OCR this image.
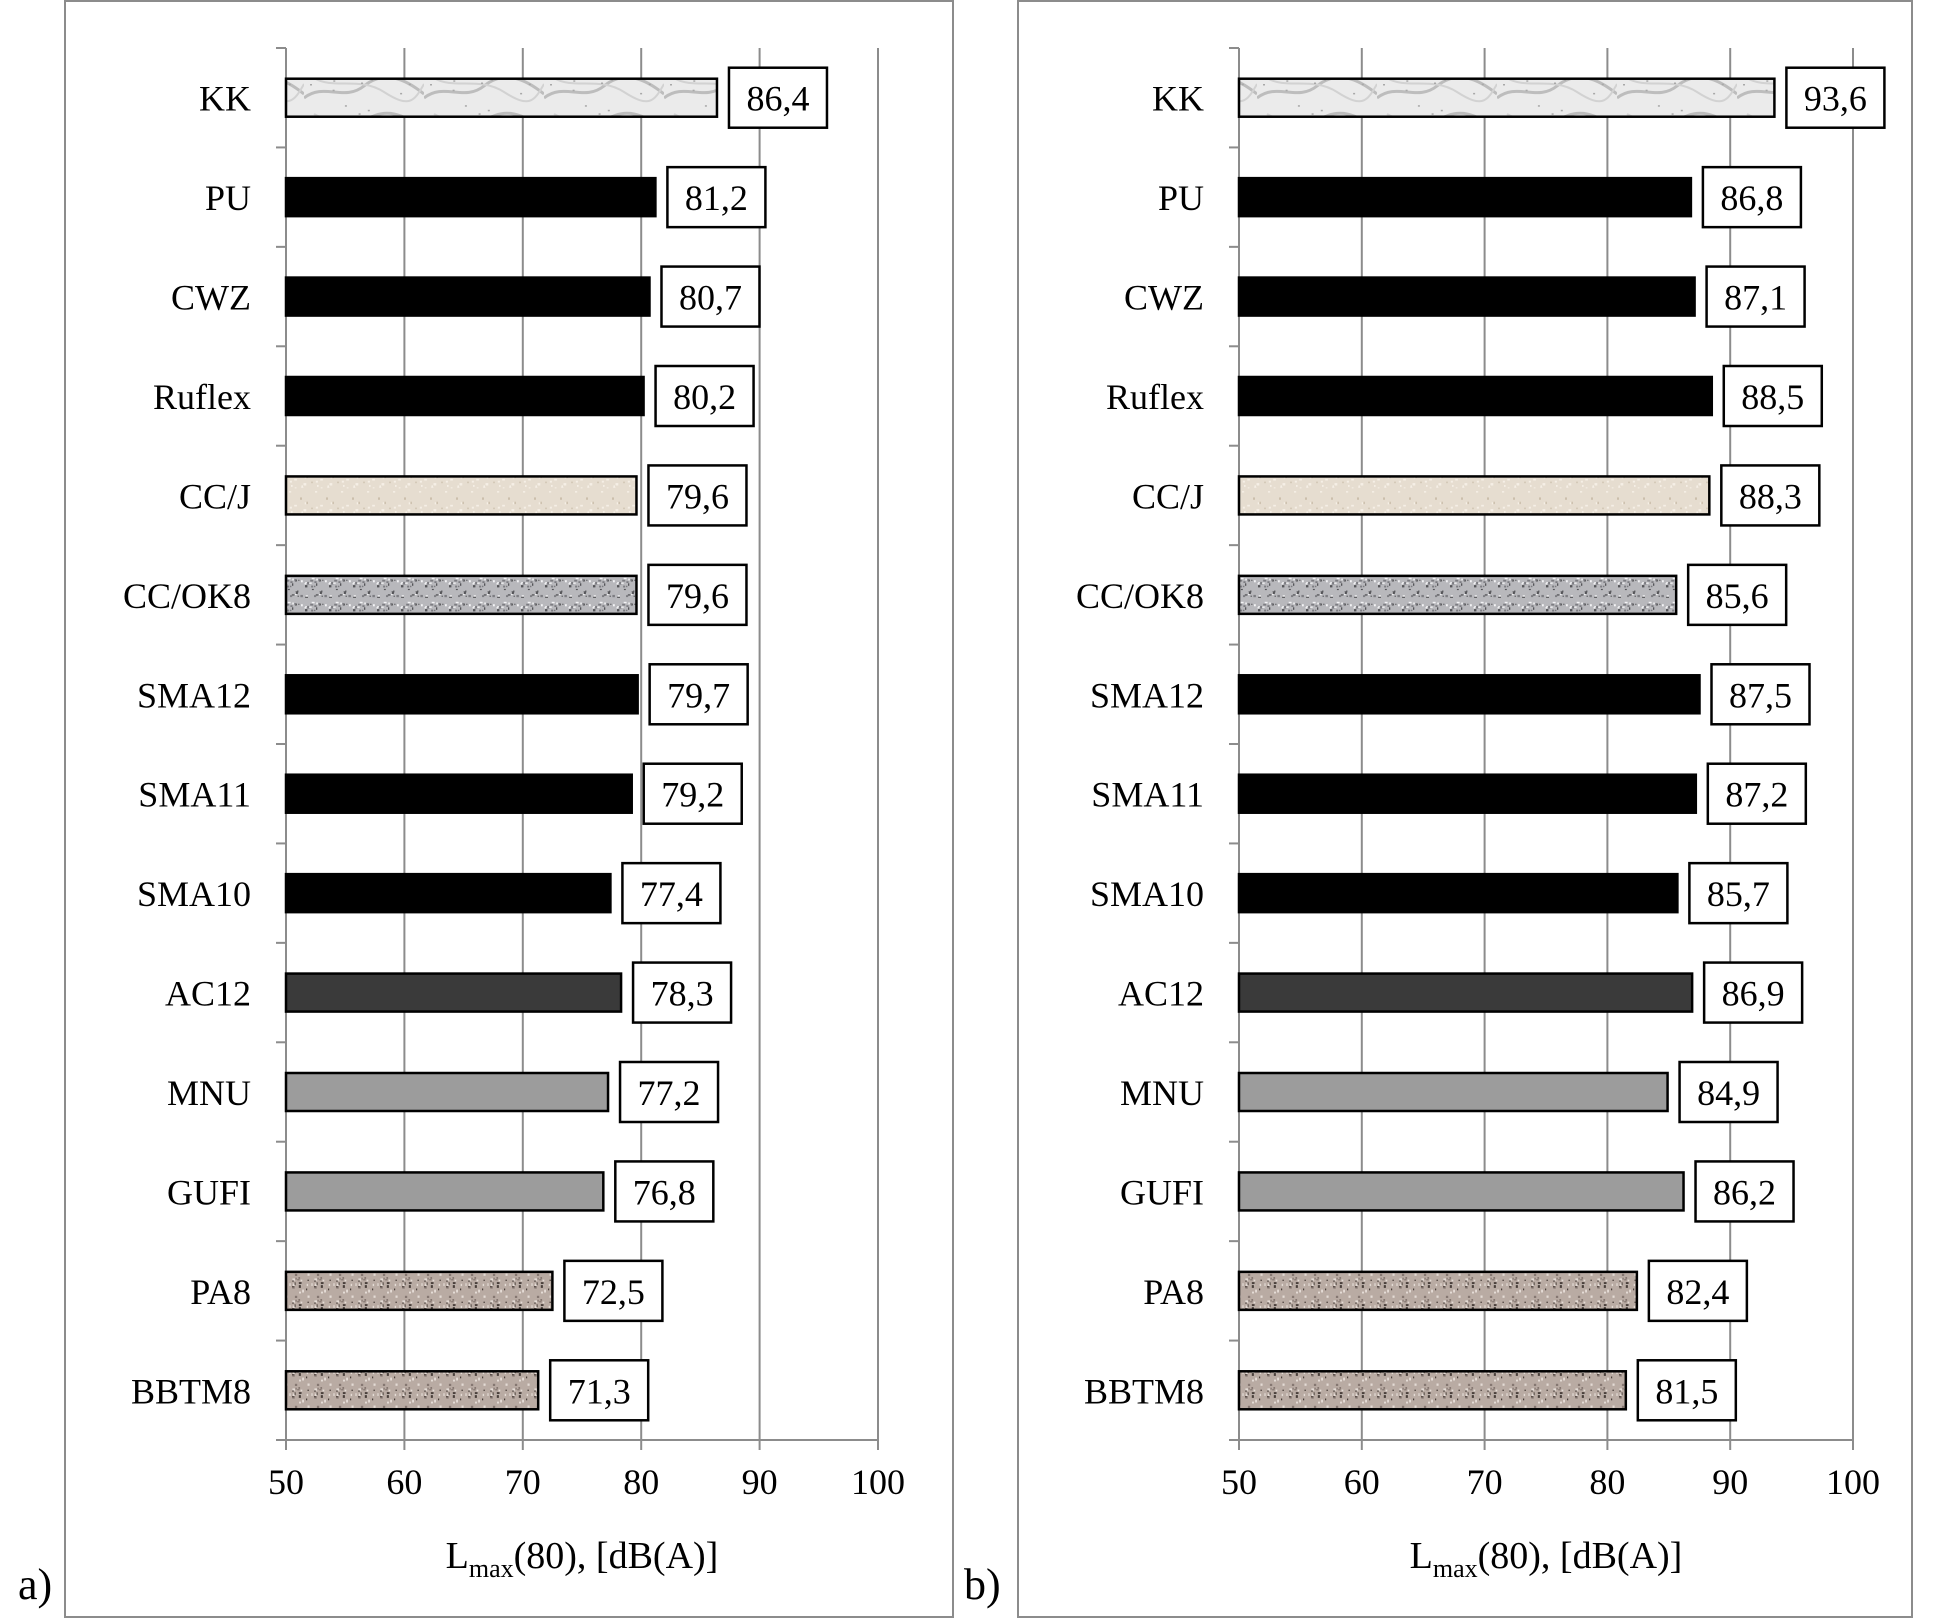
50 60 70 80 90 100
KK	86,4
PU	81,2
CWZ	80,7
Ruflex	80,2
CC/J	79,6
CC/OK8	79,6
SMA12	79,7
SMA11	79,2
SMA10	77,4
AC12	78,3
MNU	77,2
GUFI	76,8
PA8	72,5
BBTM8	71,3
$L_{max}(80)$, [dB(A)]
a)
50 60 70 80 90 100
KK	93,6
PU	86,8
CWZ	87,1
Ruflex	88,5
CC/J	88,3
CC/OK8	85,6
SMA12	87,5
SMA11	87,2
SMA10	85,7
AC12	86,9
MNU	84,9
GUFI	86,2
PA8	82,4
BBTM8	81,5
$L_{max}(80)$, [dB(A)]
b)
